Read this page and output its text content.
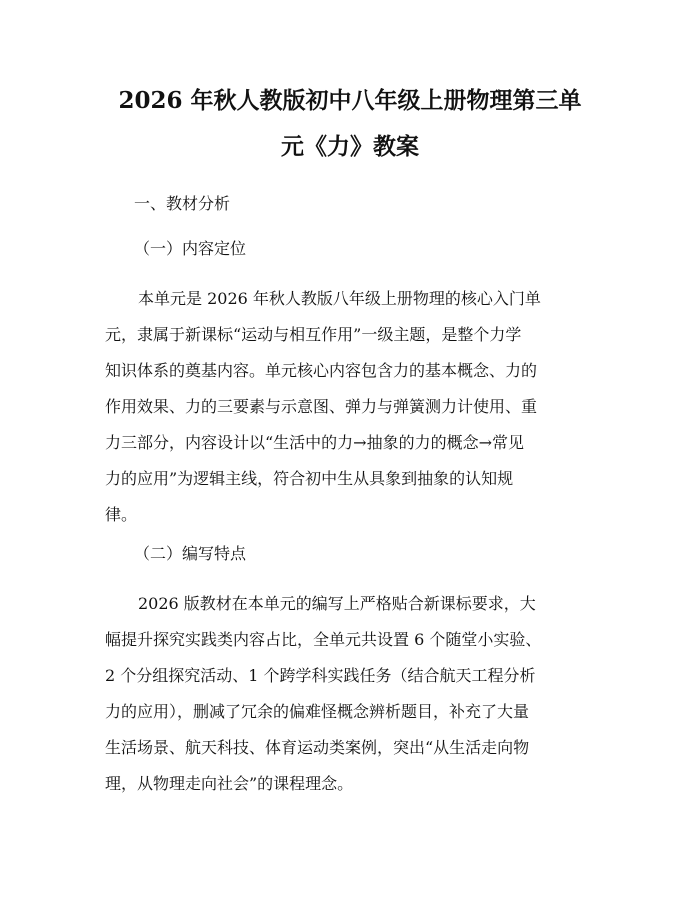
2026 年秋人教版初中八年级上册物理第三单
元《力》教案

一、教材分析

（一）内容定位

本单元是 2026 年秋人教版八年级上册物理的核心入门单
元，隶属于新课标“运动与相互作用”一级主题，是整个力学
知识体系的奠基内容。单元核心内容包含力的基本概念、力的
作用效果、力的三要素与示意图、弹力与弹簧测力计使用、重
力三部分，内容设计以“生活中的力→抽象的力的概念→常见
力的应用”为逻辑主线，符合初中生从具象到抽象的认知规
律。

（二）编写特点

2026 版教材在本单元的编写上严格贴合新课标要求，大
幅提升探究实践类内容占比，全单元共设置 6 个随堂小实验、
2 个分组探究活动、1 个跨学科实践任务（结合航天工程分析
力的应用），删减了冗余的偏难怪概念辨析题目，补充了大量
生活场景、航天科技、体育运动类案例，突出“从生活走向物
理，从物理走向社会”的课程理念。
